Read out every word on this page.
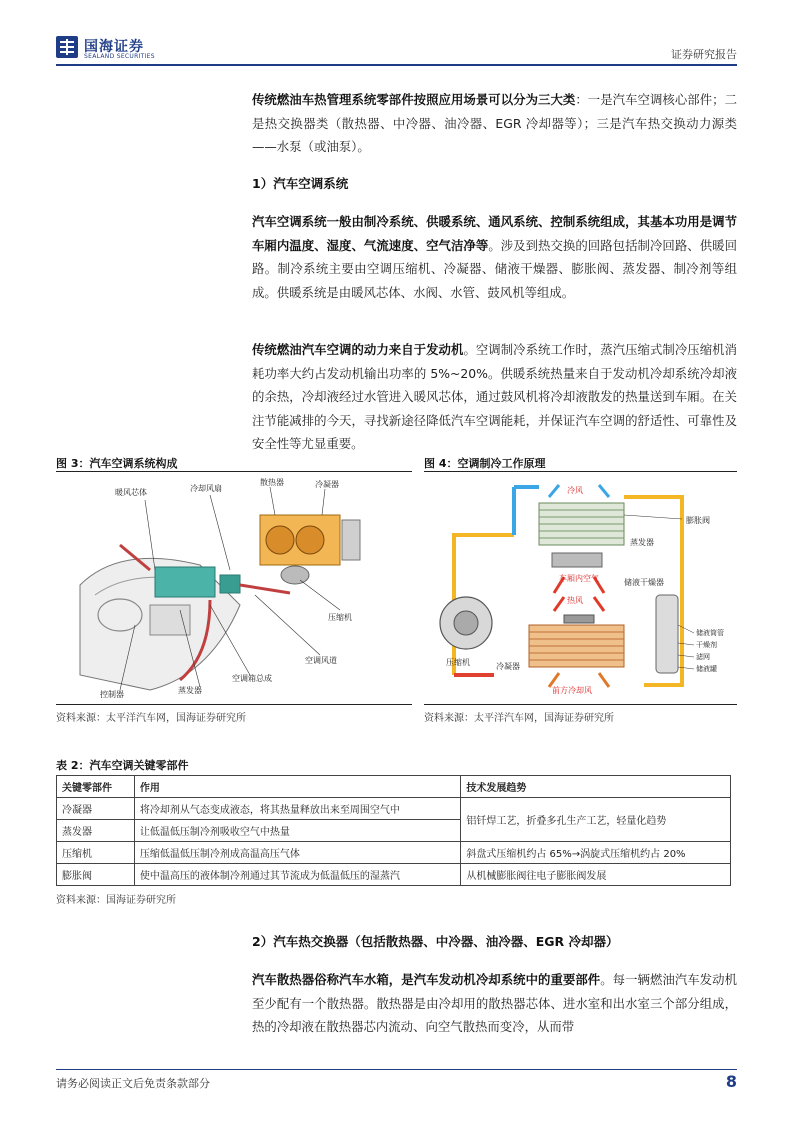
国海证券
SEALAND SECURITIES	证券研究报告
传统燃油车热管理系统零部件按照应用场景可以分为三大类：一是汽车空调核心部件；二是热交换器类（散热器、中冷器、油冷器、EGR 冷却器等）；三是汽车热交换动力源类——水泵（或油泵）。
1）汽车空调系统
汽车空调系统一般由制冷系统、供暖系统、通风系统、控制系统组成，其基本功用是调节车厢内温度、湿度、气流速度、空气洁净等。涉及到热交换的回路包括制冷回路、供暖回路。制冷系统主要由空调压缩机、冷凝器、储液干燥器、膨胀阀、蒸发器、制冷剂等组成。供暖系统是由暖风芯体、水阀、水管、鼓风机等组成。
传统燃油汽车空调的动力来自于发动机。空调制冷系统工作时，蒸汽压缩式制冷压缩机消耗功率大约占发动机输出功率的 5%~20%。供暖系统热量来自于发动机冷却系统冷却液的余热，冷却液经过水管进入暖风芯体，通过鼓风机将冷却液散发的热量送到车厢。在关注节能减排的今天，寻找新途径降低汽车空调能耗，并保证汽车空调的舒适性、可靠性及安全性等尤显重要。
图 3：汽车空调系统构成
暖风芯体	冷却风扇
散热器	冷凝器
压缩机
空调风道
空调箱总成
蒸发器
控制器
资料来源：太平洋汽车网，国海证券研究所
图 4：空调制冷工作原理
冷风
膨胀阀
蒸发器
车厢内空气
热风
储液干燥器
压缩机	冷凝器
前方冷却风
储液筒管
干燥剂
滤网
储液罐
资料来源：太平洋汽车网，国海证券研究所
表 2：汽车空调关键零部件
关键零部件	作用	技术发展趋势
冷凝器	将冷却剂从气态变成液态，将其热量释放出来至周围空气中	铝钎焊工艺，折叠多孔生产工艺，轻量化趋势
蒸发器	让低温低压制冷剂吸收空气中热量	
压缩机	压缩低温低压制冷剂成高温高压气体	斜盘式压缩机约占 65%→涡旋式压缩机约占 20%
膨胀阀	使中温高压的液体制冷剂通过其节流成为低温低压的湿蒸汽	从机械膨胀阀往电子膨胀阀发展
资料来源：国海证券研究所
2）汽车热交换器（包括散热器、中冷器、油冷器、EGR 冷却器）
汽车散热器俗称汽车水箱，是汽车发动机冷却系统中的重要部件。每一辆燃油汽车发动机至少配有一个散热器。散热器是由冷却用的散热器芯体、进水室和出水室三个部分组成，热的冷却液在散热器芯内流动、向空气散热而变冷，从而带
请务必阅读正文后免责条款部分	8
